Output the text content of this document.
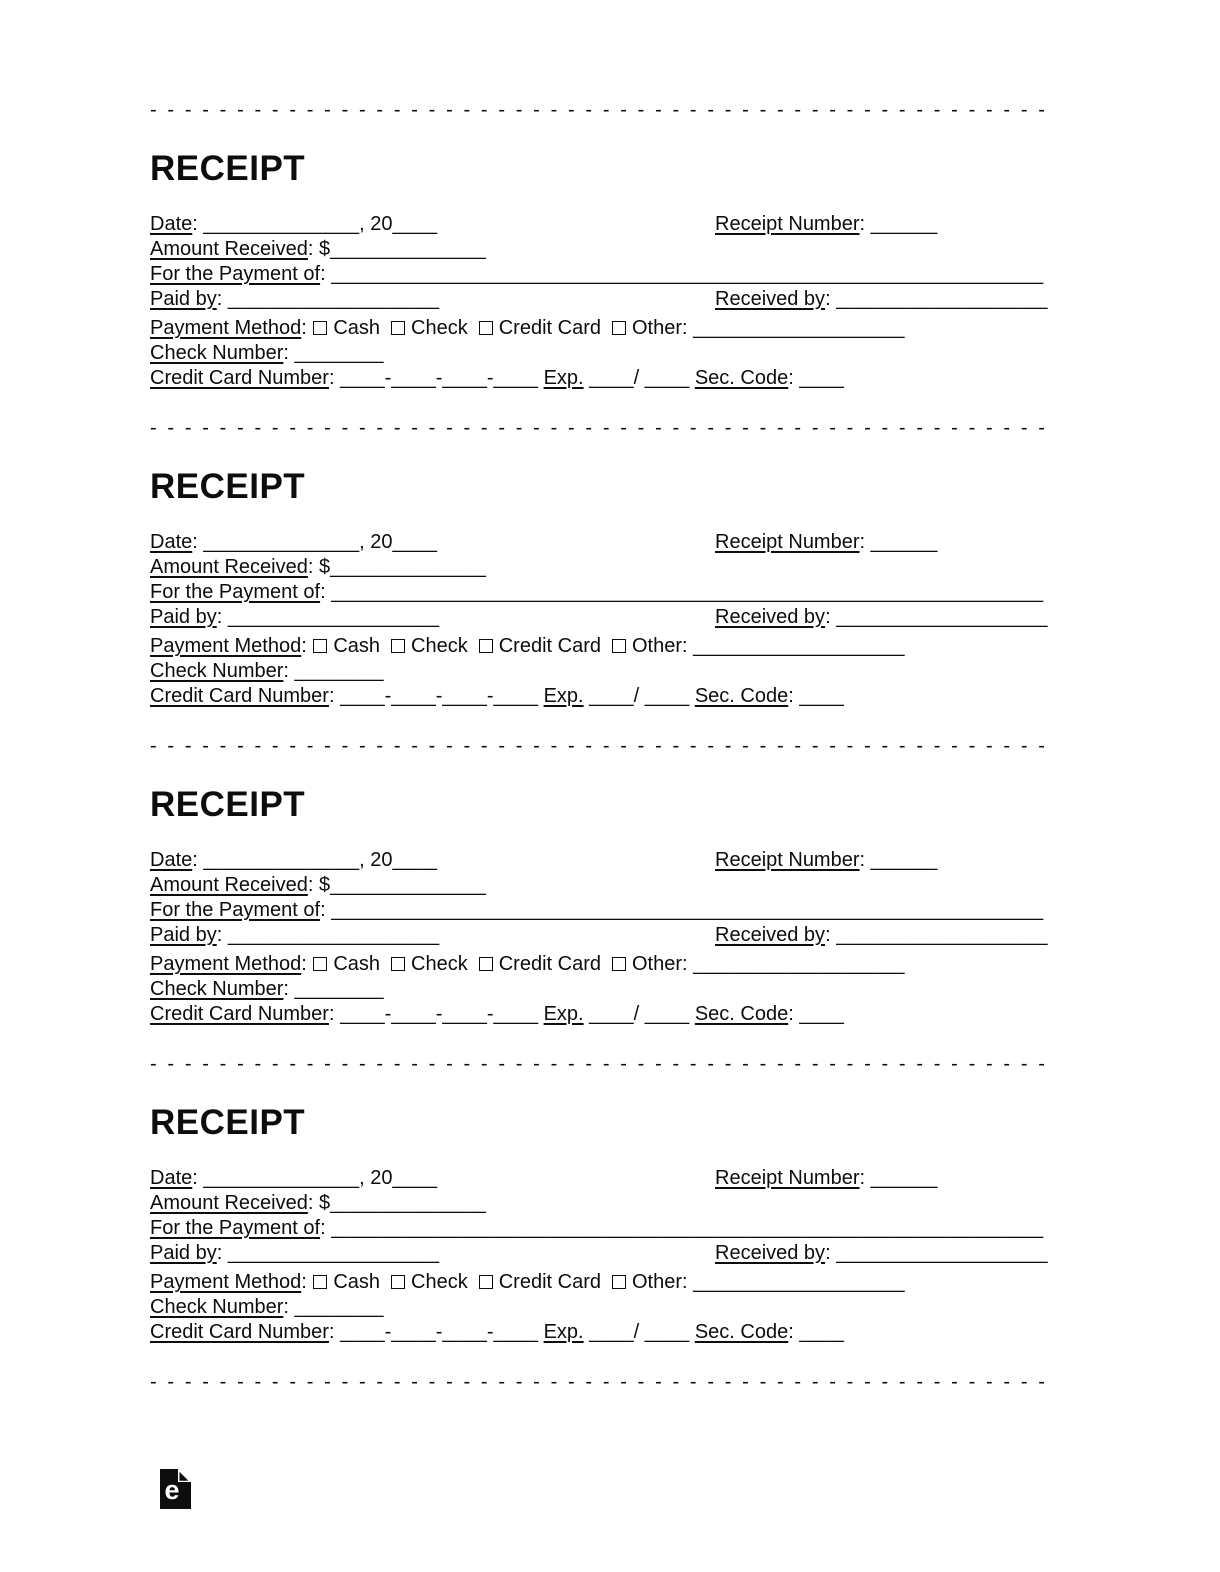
- - - - - - - - - - - - - - - - - - - - - - - - - - - - - - - - - - - - - - - - - - - - - - - - - - - -
RECEIPT
Date: ______________, 20____	Receipt Number: ______
Amount Received: $______________
For the Payment of: ________________________________________________________________
Paid by: ___________________	Received by: ___________________
Payment Method: Cash Check Credit Card Other: ___________________
Check Number: ________
Credit Card Number: ____-____-____-____ Exp. ____/ ____ Sec. Code: ____
- - - - - - - - - - - - - - - - - - - - - - - - - - - - - - - - - - - - - - - - - - - - - - - - - - - -
RECEIPT
Date: ______________, 20____	Receipt Number: ______
Amount Received: $______________
For the Payment of: ________________________________________________________________
Paid by: ___________________	Received by: ___________________
Payment Method: Cash Check Credit Card Other: ___________________
Check Number: ________
Credit Card Number: ____-____-____-____ Exp. ____/ ____ Sec. Code: ____
- - - - - - - - - - - - - - - - - - - - - - - - - - - - - - - - - - - - - - - - - - - - - - - - - - - -
RECEIPT
Date: ______________, 20____	Receipt Number: ______
Amount Received: $______________
For the Payment of: ________________________________________________________________
Paid by: ___________________	Received by: ___________________
Payment Method: Cash Check Credit Card Other: ___________________
Check Number: ________
Credit Card Number: ____-____-____-____ Exp. ____/ ____ Sec. Code: ____
- - - - - - - - - - - - - - - - - - - - - - - - - - - - - - - - - - - - - - - - - - - - - - - - - - - -
RECEIPT
Date: ______________, 20____	Receipt Number: ______
Amount Received: $______________
For the Payment of: ________________________________________________________________
Paid by: ___________________	Received by: ___________________
Payment Method: Cash Check Credit Card Other: ___________________
Check Number: ________
Credit Card Number: ____-____-____-____ Exp. ____/ ____ Sec. Code: ____
- - - - - - - - - - - - - - - - - - - - - - - - - - - - - - - - - - - - - - - - - - - - - - - - - - - -
e
